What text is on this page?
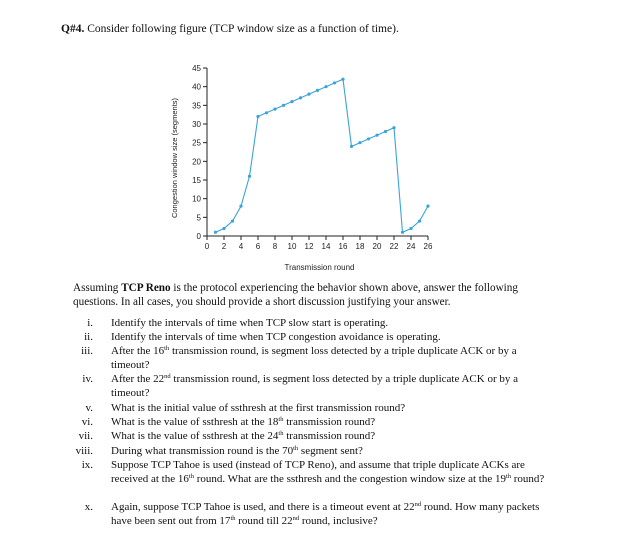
Q#4. Consider following figure (TCP window size as a function of time).
0
5
10
15
20
25
30
35
40
45
0 2 4 6 8 10 12 14 16 18 20 22 24 26
Transmission round
Congestion window size (segments)
Assuming TCP Reno is the protocol experiencing the behavior shown above, answer the following questions. In all cases, you should provide a short discussion justifying your answer.
i. Identify the intervals of time when TCP slow start is operating.
ii. Identify the intervals of time when TCP congestion avoidance is operating.
iii. After the 16th transmission round, is segment loss detected by a triple duplicate ACK or by a timeout?
iv. After the 22nd transmission round, is segment loss detected by a triple duplicate ACK or by a timeout?
v. What is the initial value of ssthresh at the first transmission round?
vi. What is the value of ssthresh at the 18th transmission round?
vii. What is the value of ssthresh at the 24th transmission round?
viii. During what transmission round is the 70th segment sent?
ix. Suppose TCP Tahoe is used (instead of TCP Reno), and assume that triple duplicate ACKs are received at the 16th round. What are the ssthresh and the congestion window size at the 19th round?
x. Again, suppose TCP Tahoe is used, and there is a timeout event at 22nd round. How many packets have been sent out from 17th round till 22nd round, inclusive?
